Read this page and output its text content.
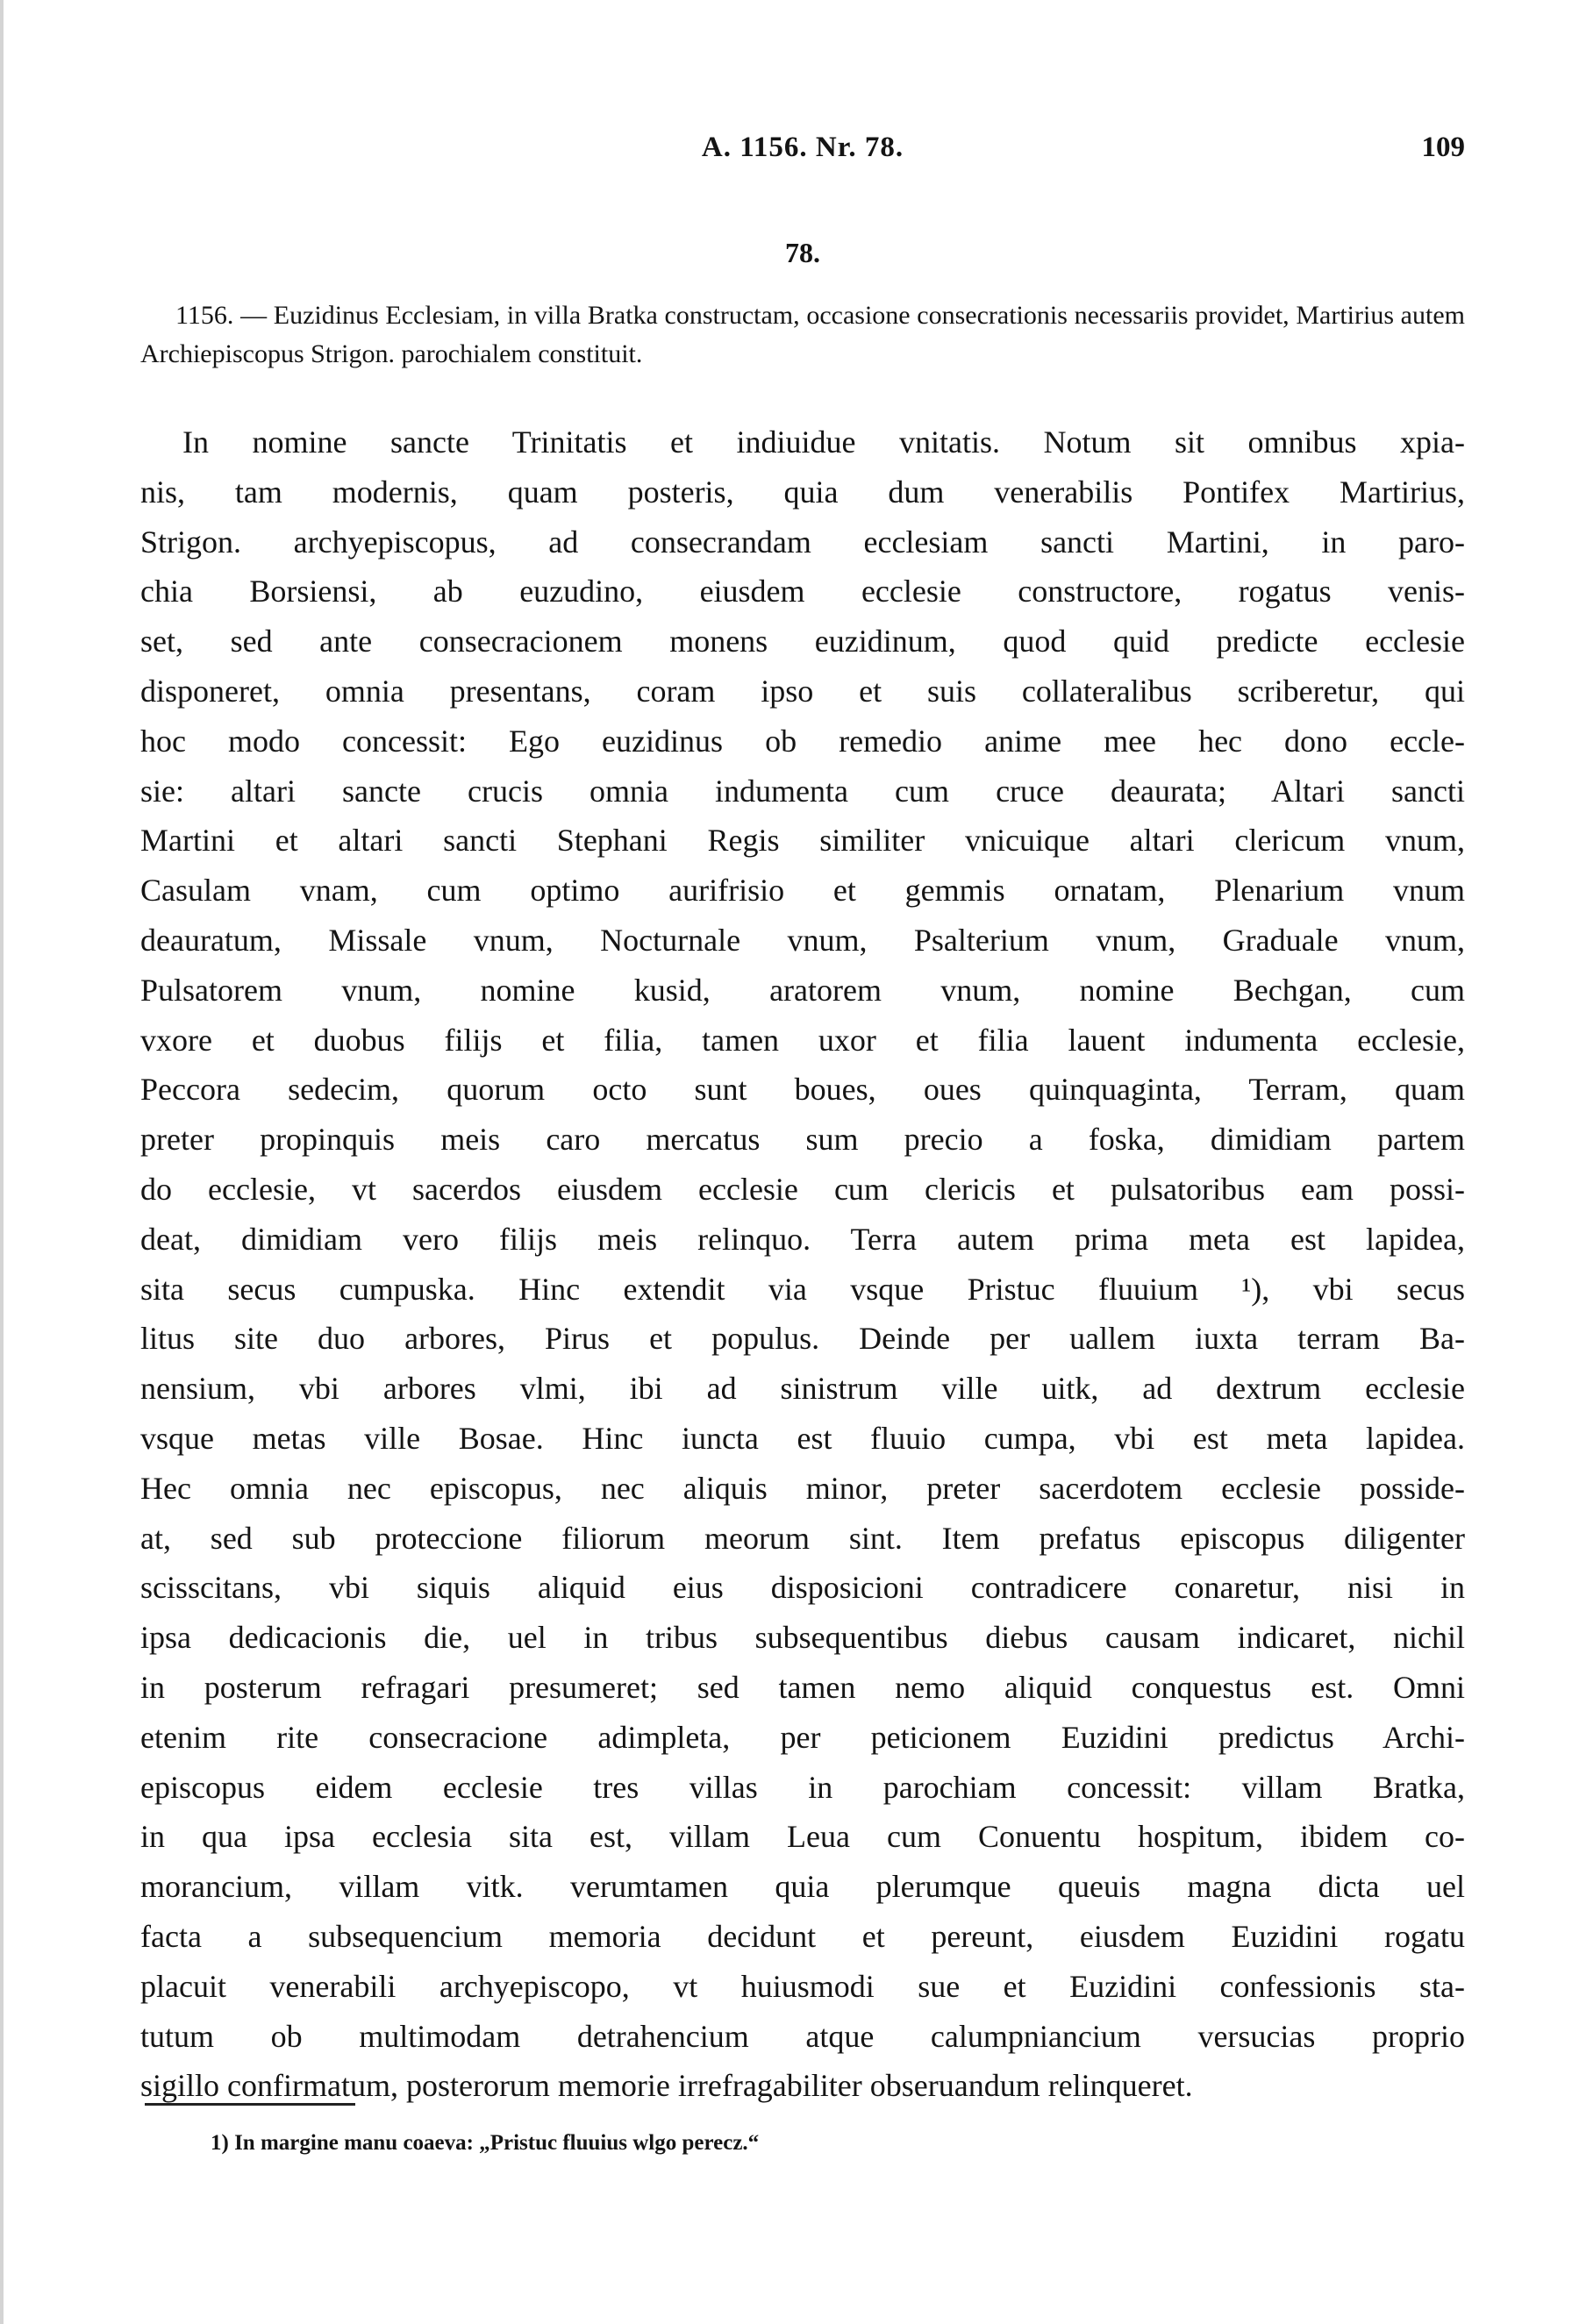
A. 1156. Nr. 78.	109
78.
1156. — Euzidinus Ecclesiam, in villa Bratka constructam, occasione consecrationis necessariis providet, Martirius autem Archiepiscopus Strigon. parochialem constituit.
In nomine sancte Trinitatis et indiuidue vnitatis. Notum sit omnibus xpia-
nis, tam modernis, quam posteris, quia dum venerabilis Pontifex Martirius,
Strigon. archyepiscopus, ad consecrandam ecclesiam sancti Martini, in paro-
chia Borsiensi, ab euzudino, eiusdem ecclesie constructore, rogatus venis-
set, sed ante consecracionem monens euzidinum, quod quid predicte ecclesie
disponeret, omnia presentans, coram ipso et suis collateralibus scriberetur, qui
hoc modo concessit: Ego euzidinus ob remedio anime mee hec dono eccle-
sie: altari sancte crucis omnia indumenta cum cruce deaurata; Altari sancti
Martini et altari sancti Stephani Regis similiter vnicuique altari clericum vnum,
Casulam vnam, cum optimo aurifrisio et gemmis ornatam, Plenarium vnum
deauratum, Missale vnum, Nocturnale vnum, Psalterium vnum, Graduale vnum,
Pulsatorem vnum, nomine kusid, aratorem vnum, nomine Bechgan, cum
vxore et duobus filijs et filia, tamen uxor et filia lauent indumenta ecclesie,
Peccora sedecim, quorum octo sunt boues, oues quinquaginta, Terram, quam
preter propinquis meis caro mercatus sum precio a foska, dimidiam partem
do ecclesie, vt sacerdos eiusdem ecclesie cum clericis et pulsatoribus eam possi-
deat, dimidiam vero filijs meis relinquo. Terra autem prima meta est lapidea,
sita secus cumpuska. Hinc extendit via vsque Pristuc fluuium ¹), vbi secus
litus site duo arbores, Pirus et populus. Deinde per uallem iuxta terram Ba-
nensium, vbi arbores vlmi, ibi ad sinistrum ville uitk, ad dextrum ecclesie
vsque metas ville Bosae. Hinc iuncta est fluuio cumpa, vbi est meta lapidea.
Hec omnia nec episcopus, nec aliquis minor, preter sacerdotem ecclesie posside-
at, sed sub proteccione filiorum meorum sint. Item prefatus episcopus diligenter
scisscitans, vbi siquis aliquid eius disposicioni contradicere conaretur, nisi in
ipsa dedicacionis die, uel in tribus subsequentibus diebus causam indicaret, nichil
in posterum refragari presumeret; sed tamen nemo aliquid conquestus est. Omni
etenim rite consecracione adimpleta, per peticionem Euzidini predictus Archi-
episcopus eidem ecclesie tres villas in parochiam concessit: villam Bratka,
in qua ipsa ecclesia sita est, villam Leua cum Conuentu hospitum, ibidem co-
morancium, villam vitk. verumtamen quia plerumque queuis magna dicta uel
facta a subsequencium memoria decidunt et pereunt, eiusdem Euzidini rogatu
placuit venerabili archyepiscopo, vt huiusmodi sue et Euzidini confessionis sta-
tutum ob multimodam detrahencium atque calumpniancium versucias proprio
sigillo confirmatum, posterorum memorie irrefragabiliter obseruandum relinqueret.
1) In margine manu coaeva: „Pristuc fluuius wlgo perecz.“
